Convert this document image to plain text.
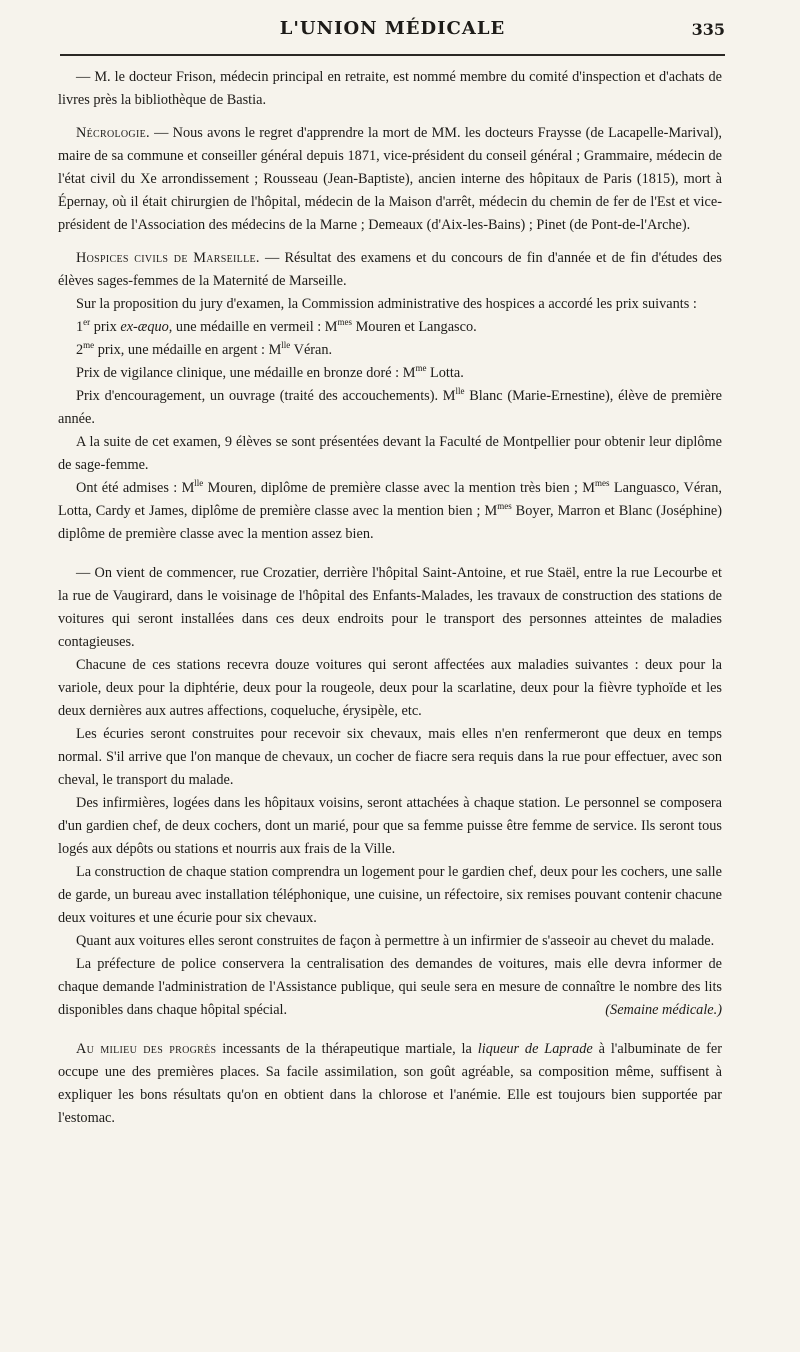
L'UNION MÉDICALE	335

— M. le docteur Frison, médecin principal en retraite, est nommé membre du comité d'inspection et d'achats de livres près la bibliothèque de Bastia.

Nécrologie. — Nous avons le regret d'apprendre la mort de MM. les docteurs Fraysse (de Lacapelle-Marival), maire de sa commune et conseiller général depuis 1871, vice-président du conseil général ; Grammaire, médecin de l'état civil du Xe arrondissement ; Rousseau (Jean-Baptiste), ancien interne des hôpitaux de Paris (1815), mort à Épernay, où il était chirurgien de l'hôpital, médecin de la Maison d'arrêt, médecin du chemin de fer de l'Est et vice-président de l'Association des médecins de la Marne ; Demeaux (d'Aix-les-Bains) ; Pinet (de Pont-de-l'Arche).

Hospices civils de Marseille. — Résultat des examens et du concours de fin d'année et de fin d'études des élèves sages-femmes de la Maternité de Marseille.

Sur la proposition du jury d'examen, la Commission administrative des hospices a accordé les prix suivants :

1er prix ex-æquo, une médaille en vermeil : $M^{mes}$ Mouren et Langasco.

$2^{me}$ prix, une médaille en argent : $M^{lle}$ Véran.

Prix de vigilance clinique, une médaille en bronze doré : $M^{me}$ Lotta.

Prix d'encouragement, un ouvrage (traité des accouchements). $M^{lle}$ Blanc (Marie-Ernestine), élève de première année.

A la suite de cet examen, 9 élèves se sont présentées devant la Faculté de Montpellier pour obtenir leur diplôme de sage-femme.

Ont été admises : $M^{lle}$ Mouren, diplôme de première classe avec la mention très bien ; $M^{mes}$ Languasco, Véran, Lotta, Cardy et James, diplôme de première classe avec la mention bien ; $M^{mes}$ Boyer, Marron et Blanc (Joséphine) diplôme de première classe avec la mention assez bien.

— On vient de commencer, rue Crozatier, derrière l'hôpital Saint-Antoine, et rue Staël, entre la rue Lecourbe et la rue de Vaugirard, dans le voisinage de l'hôpital des Enfants-Malades, les travaux de construction des stations de voitures qui seront installées dans ces deux endroits pour le transport des personnes atteintes de maladies contagieuses.

Chacune de ces stations recevra douze voitures qui seront affectées aux maladies suivantes : deux pour la variole, deux pour la diphtérie, deux pour la rougeole, deux pour la scarlatine, deux pour la fièvre typhoïde et les deux dernières aux autres affections, coqueluche, érysipèle, etc.

Les écuries seront construites pour recevoir six chevaux, mais elles n'en renfermeront que deux en temps normal. S'il arrive que l'on manque de chevaux, un cocher de fiacre sera requis dans la rue pour effectuer, avec son cheval, le transport du malade.

Des infirmières, logées dans les hôpitaux voisins, seront attachées à chaque station. Le personnel se composera d'un gardien chef, de deux cochers, dont un marié, pour que sa femme puisse être femme de service. Ils seront tous logés aux dépôts ou stations et nourris aux frais de la Ville.

La construction de chaque station comprendra un logement pour le gardien chef, deux pour les cochers, une salle de garde, un bureau avec installation téléphonique, une cuisine, un réfectoire, six remises pouvant contenir chacune deux voitures et une écurie pour six chevaux.

Quant aux voitures elles seront construites de façon à permettre à un infirmier de s'asseoir au chevet du malade.

La préfecture de police conservera la centralisation des demandes de voitures, mais elle devra informer de chaque demande l'administration de l'Assistance publique, qui seule sera en mesure de connaître le nombre des lits disponibles dans chaque hôpital spécial.	(Semaine médicale.)

Au milieu des progrès incessants de la thérapeutique martiale, la liqueur de Laprade à l'albuminate de fer occupe une des premières places. Sa facile assimilation, son goût agréable, sa composition même, suffisent à expliquer les bons résultats qu'on en obtient dans la chlorose et l'anémie. Elle est toujours bien supportée par l'estomac.
